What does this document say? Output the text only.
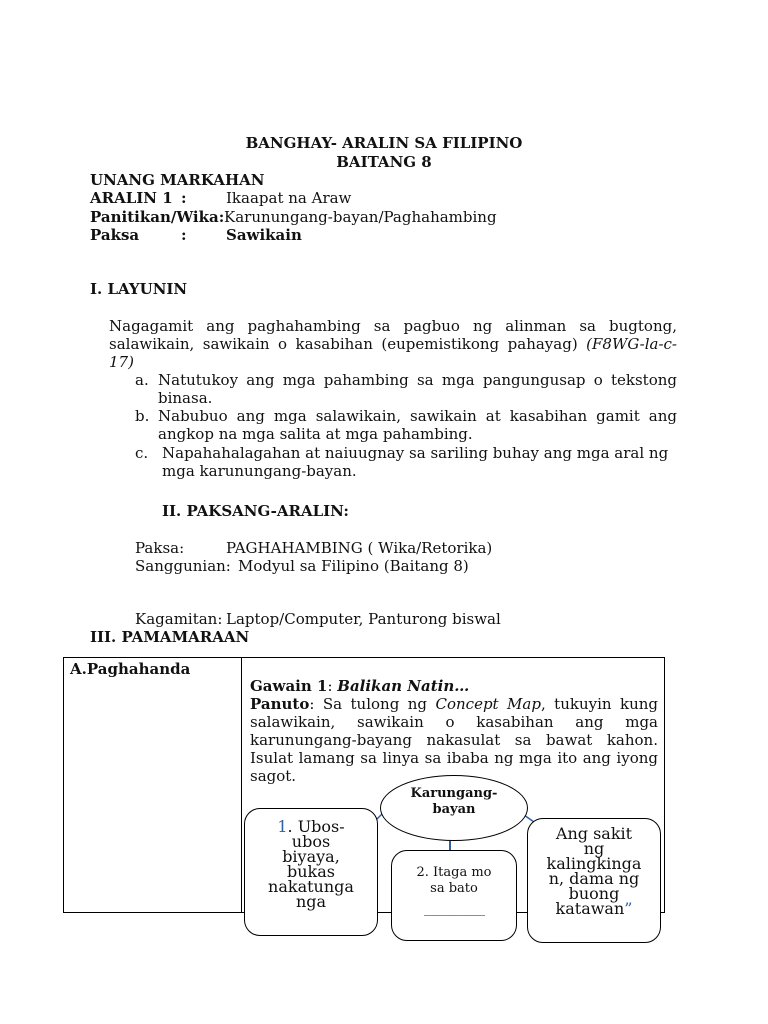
BANGHAY- ARALIN SA FILIPINO
BAITANG 8
UNANG MARKAHAN
ARALIN 1 :	Ikaapat na Araw
Panitikan/Wika: Karunungang-bayan/Paghahambing
Paksa	:	Sawikain
I. LAYUNIN
Nagagamit ang paghahambing sa pagbuo ng alinman sa bugtong, salawikain, sawikain o kasabihan (eupemistikong pahayag) (F8WG-la-c-17)
a. Natutukoy ang mga pahambing sa mga pangungusap o tekstong
binasa.
b. Nabubuo ang mga salawikain, sawikain at kasabihan gamit ang
angkop na mga salita at mga pahambing.
c. Napahahalagahan at naiuugnay sa sariling buhay ang mga aral ng
mga karunungang-bayan.
II. PAKSANG-ARALIN:
Paksa:	PAGHAHAMBING ( Wika/Retorika)
Sanggunian: Modyul sa Filipino (Baitang 8)
Kagamitan: Laptop/Computer, Panturong biswal
III. PAMAMARAAN
A.Paghahanda
Gawain 1: Balikan Natin…
Panuto: Sa tulong ng Concept Map, tukuyin kung salawikain, sawikain o kasabihan ang mga karunungang-bayang nakasulat sa bawat kahon. Isulat lamang sa linya sa ibaba ng mga ito ang iyong sagot.
Karungang-
bayan
1. Ubos-
ubos
biyaya,
bukas
nakatunga
nga
2. Itaga mo
sa bato
____________
Ang sakit
ng
kalingkinga
n, dama ng
buong
katawan”
